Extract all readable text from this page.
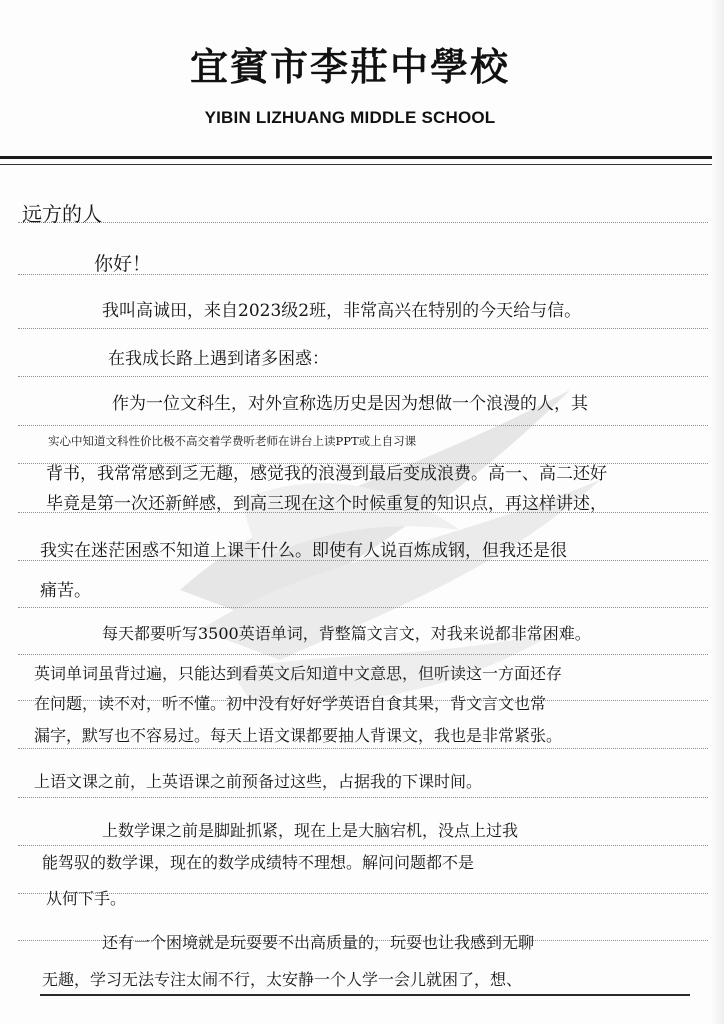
宜賓市李莊中學校
YIBIN LIZHUANG MIDDLE SCHOOL
远方的人
你好！
我叫高诚田，来自2023级2班，非常高兴在特别的今天给与信。
在我成长路上遇到诸多困惑：
作为一位文科生，对外宣称选历史是因为想做一个浪漫的人，其
实心中知道文科性价比极不高交着学费听老师在讲台上读PPT或上自习课
背书，我常常感到乏无趣，感觉我的浪漫到最后变成浪费。高一、高二还好
毕竟是第一次还新鲜感，到高三现在这个时候重复的知识点，再这样讲述，
我实在迷茫困惑不知道上课干什么。即使有人说百炼成钢，但我还是很
痛苦。
每天都要听写3500英语单词，背整篇文言文，对我来说都非常困难。
英词单词虽背过遍，只能达到看英文后知道中文意思，但听读这一方面还存
在问题，读不对，听不懂。初中没有好好学英语自食其果，背文言文也常
漏字，默写也不容易过。每天上语文课都要抽人背课文，我也是非常紧张。
上语文课之前，上英语课之前预备过这些，占据我的下课时间。
上数学课之前是脚趾抓紧，现在上是大脑宕机，没点上过我
能驾驭的数学课，现在的数学成绩特不理想。解问问题都不是
从何下手。
还有一个困境就是玩耍要不出高质量的，玩耍也让我感到无聊
无趣，学习无法专注太闹不行，太安静一个人学一会儿就困了，想、
